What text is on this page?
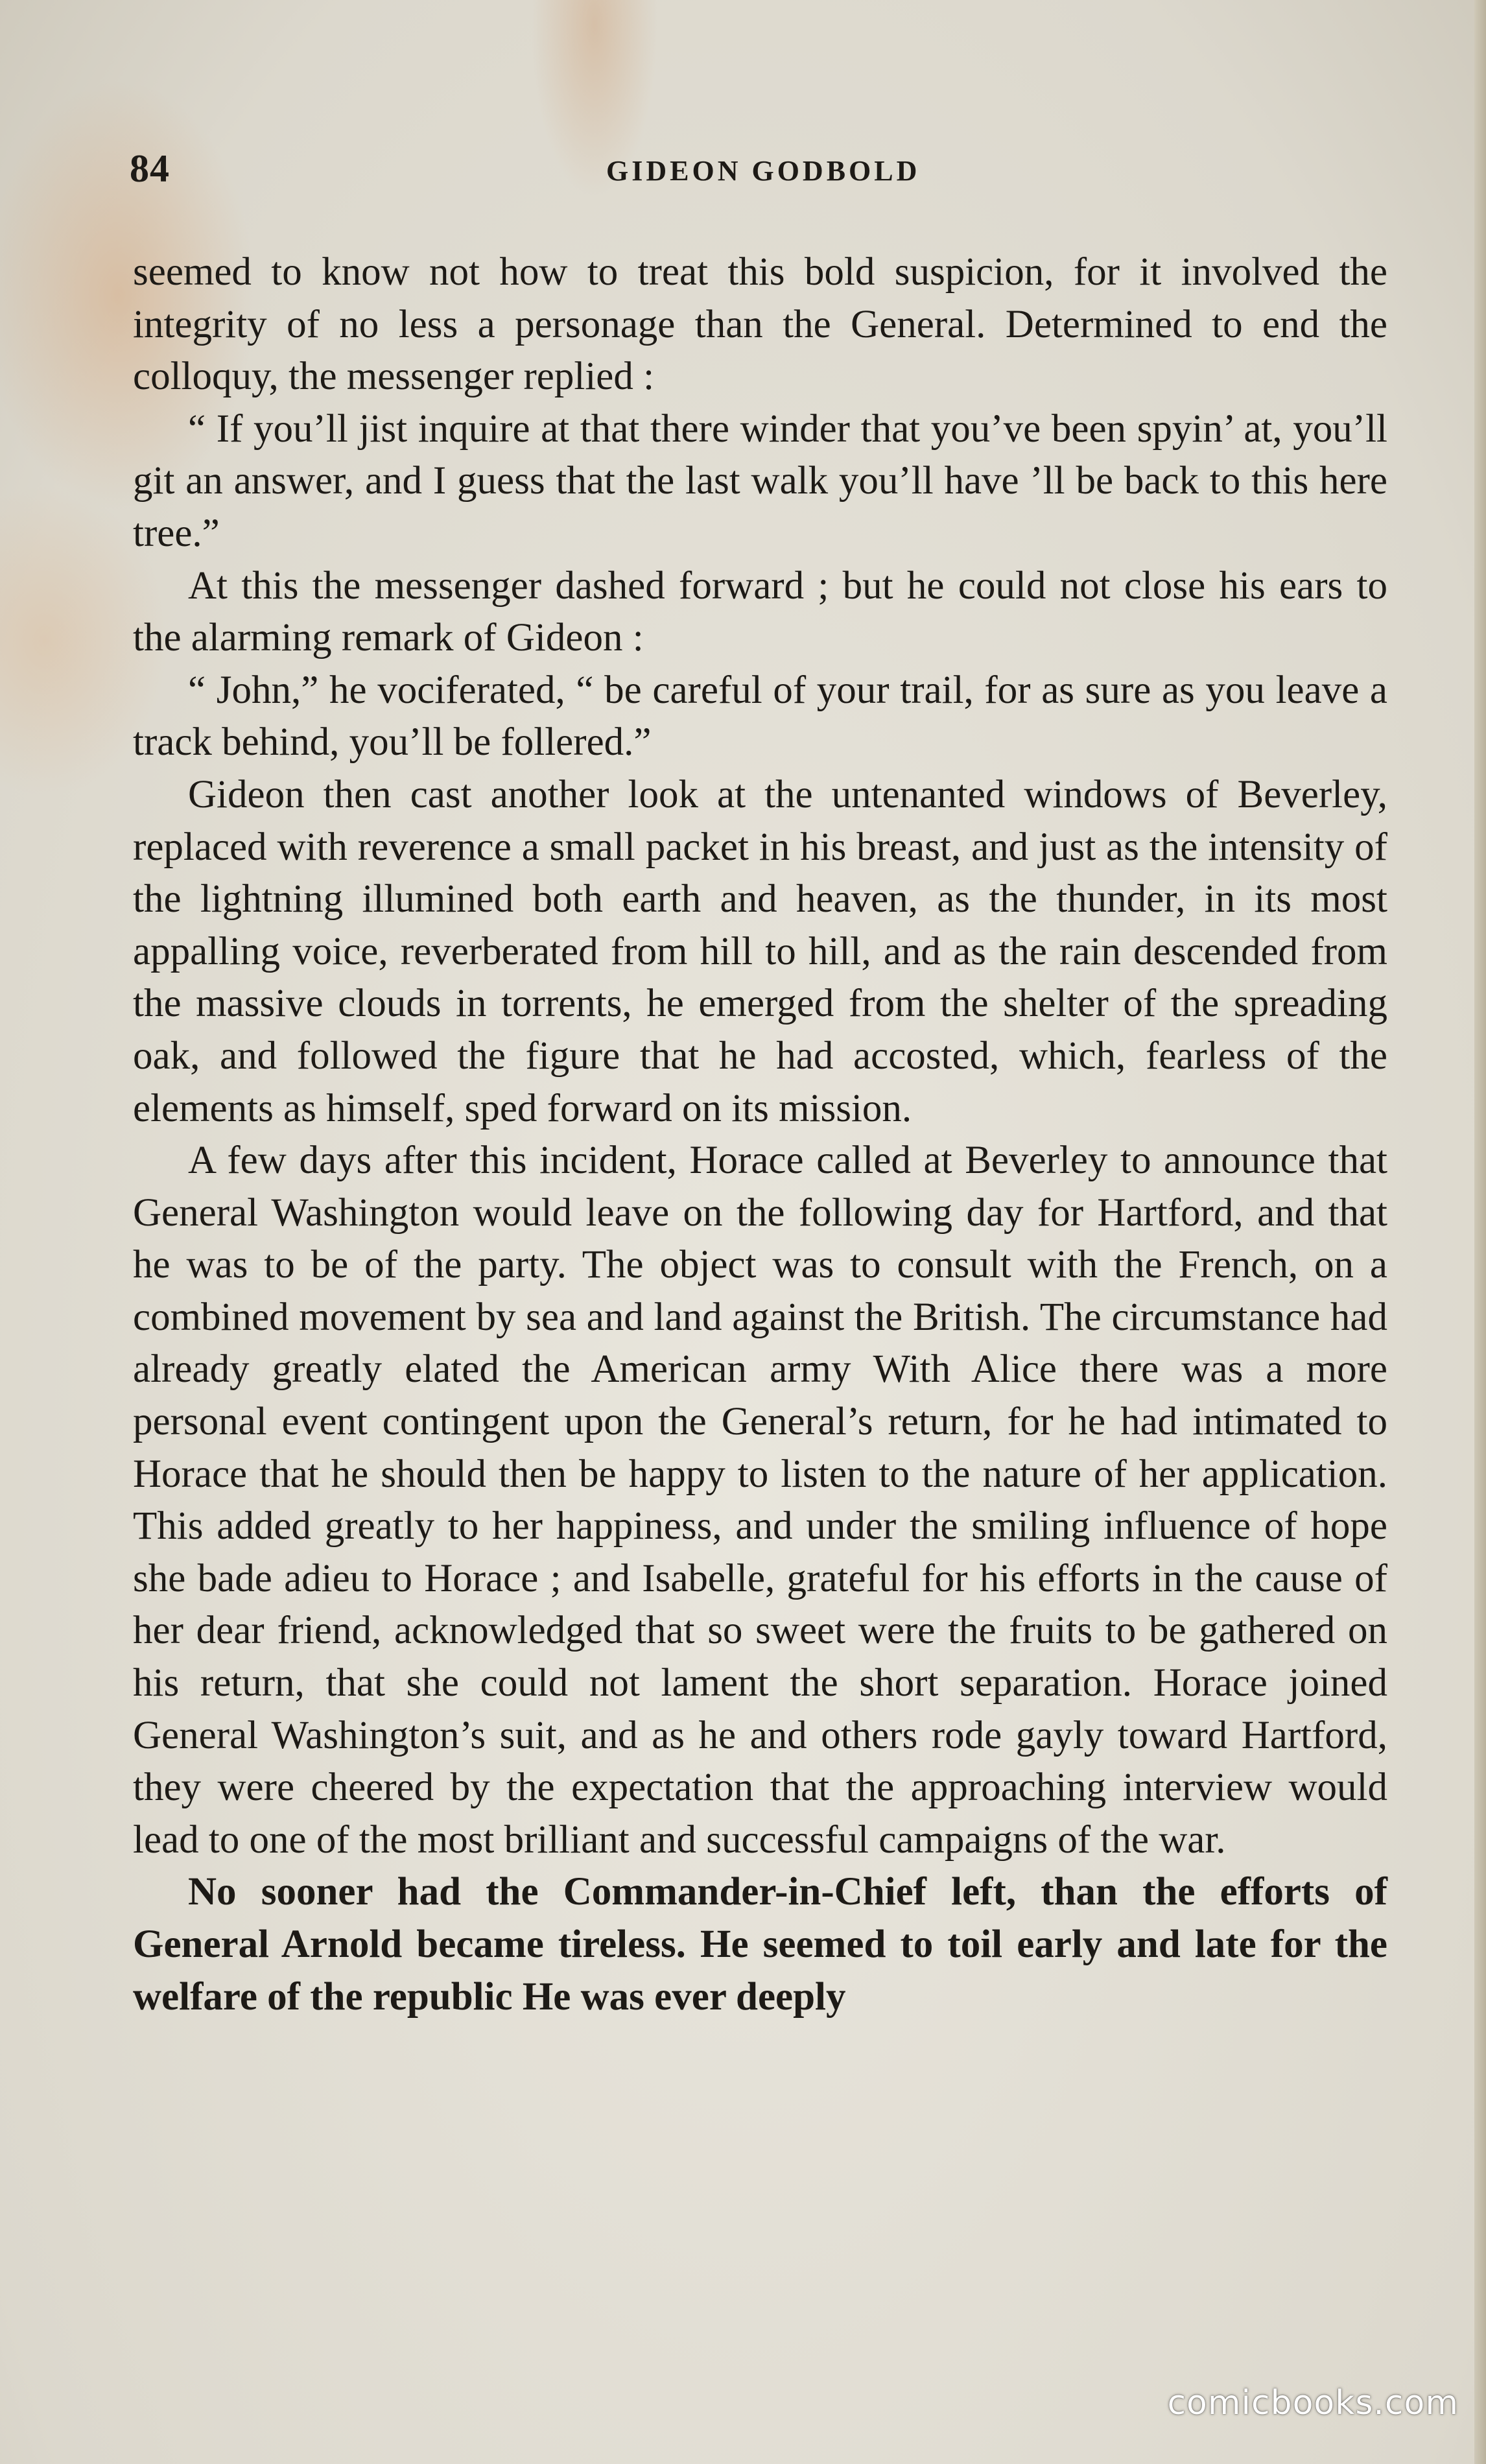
84	GIDEON GODBOLD

seemed to know not how to treat this bold suspicion, for it involved the integrity of no less a personage than the General. Determined to end the colloquy, the messenger replied :

“ If you’ll jist inquire at that there winder that you’ve been spyin’ at, you’ll git an answer, and I guess that the last walk you’ll have ’ll be back to this here tree.”

At this the messenger dashed forward ; but he could not close his ears to the alarming remark of Gideon :

“ John,” he vociferated, “ be careful of your trail, for as sure as you leave a track behind, you’ll be follered.”

Gideon then cast another look at the untenanted windows of Beverley, replaced with reverence a small packet in his breast, and just as the intensity of the lightning illumined both earth and heaven, as the thunder, in its most appalling voice, reverberated from hill to hill, and as the rain descended from the massive clouds in torrents, he emerged from the shelter of the spreading oak, and followed the figure that he had accosted, which, fearless of the elements as himself, sped forward on its mission.

A few days after this incident, Horace called at Beverley to announce that General Washington would leave on the following day for Hartford, and that he was to be of the party. The object was to consult with the French, on a combined movement by sea and land against the British. The circumstance had already greatly elated the American army With Alice there was a more personal event contingent upon the General’s return, for he had intimated to Horace that he should then be happy to listen to the nature of her application. This added greatly to her happiness, and under the smiling influence of hope she bade adieu to Horace ; and Isabelle, grateful for his efforts in the cause of her dear friend, acknowledged that so sweet were the fruits to be gathered on his return, that she could not lament the short separation. Horace joined General Washington’s suit, and as he and others rode gayly toward Hartford, they were cheered by the expectation that the approaching interview would lead to one of the most brilliant and successful campaigns of the war.

No sooner had the Commander-in-Chief left, than the efforts of General Arnold became tireless. He seemed to toil early and late for the welfare of the republic He was ever deeply

comicbooks.com
